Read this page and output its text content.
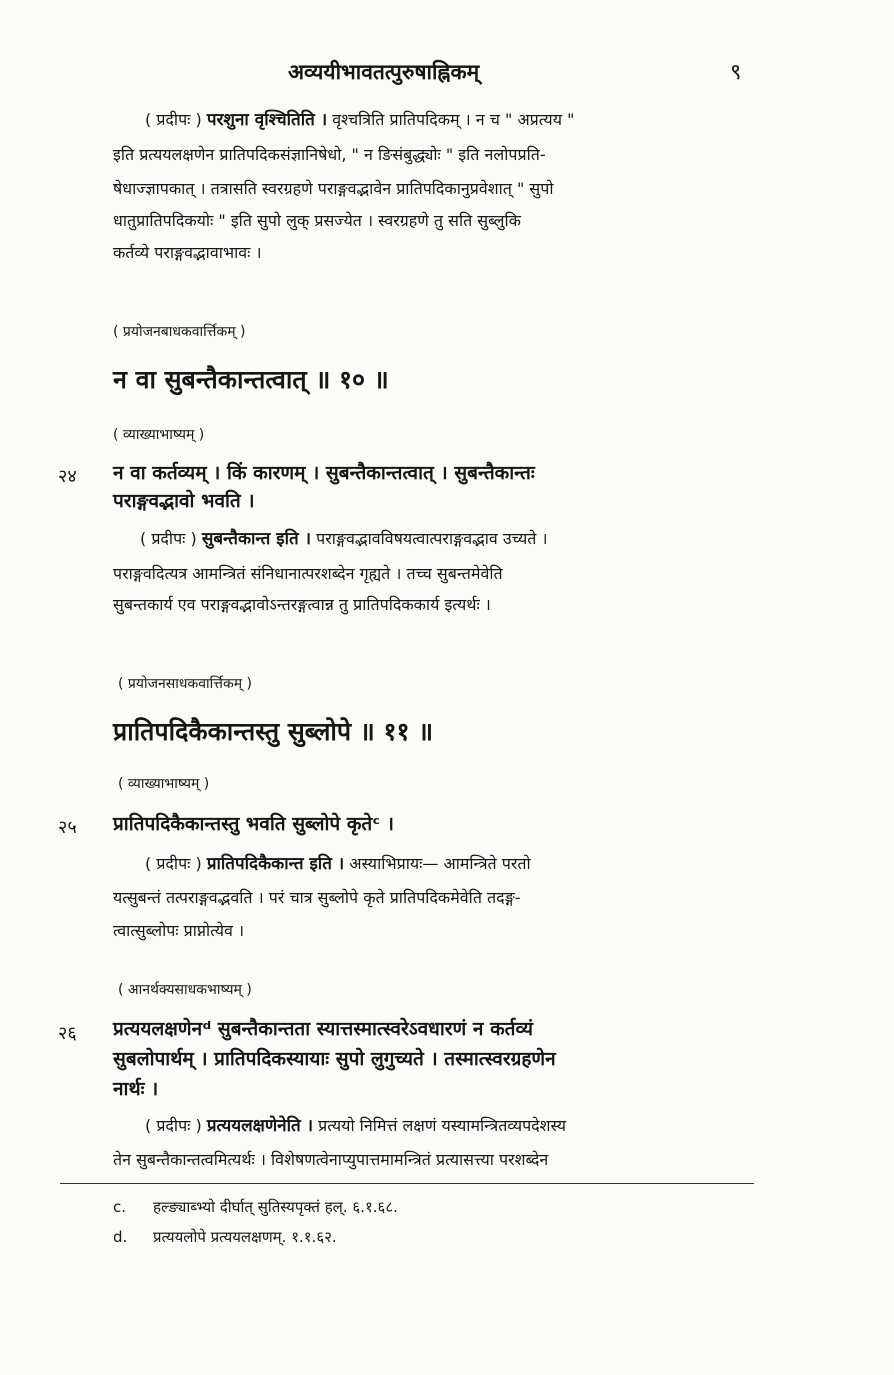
अव्ययीभावतत्पुरुषाह्निकम्	९
( प्रदीपः ) परशुना वृश्चितिति । वृश्चत्रिति प्रातिपदिकम् । न च " अप्रत्यय "
इति प्रत्ययलक्षणेन प्रातिपदिकसंज्ञानिषेधो, " न ङिसंबुद्ध्योः " इति नलोपप्रति-
षेधाज्ज्ञापकात् । तत्रासति स्वरग्रहणे पराङ्गवद्भावेन प्रातिपदिकानुप्रवेशात् " सुपो
धातुप्रातिपदिकयोः " इति सुपो लुक् प्रसज्येत । स्वरग्रहणे तु सति सुब्लुकि
कर्तव्ये पराङ्गवद्भावाभावः ।
( प्रयोजनबाधकवार्त्तिकम् )
न वा सुबन्तैकान्तत्वात् ॥ १० ॥
( व्याख्याभाष्यम् )
२४ न वा कर्तव्यम् । किं कारणम् । सुबन्तैकान्तत्वात् । सुबन्तैकान्तः
पराङ्गवद्भावो भवति ।
( प्रदीपः ) सुबन्तैकान्त इति । पराङ्गवद्भावविषयत्वात्पराङ्गवद्भाव उच्यते ।
पराङ्गवदित्यत्र आमन्त्रितं संनिधानात्परशब्देन गृह्यते । तच्च सुबन्तमेवेति
सुबन्तकार्य एव पराङ्गवद्भावोऽन्तरङ्गत्वान्न तु प्रातिपदिककार्य इत्यर्थः ।
( प्रयोजनसाधकवार्त्तिकम् )
प्रातिपदिकैकान्तस्तु सुब्लोपे ॥ ११ ॥
( व्याख्याभाष्यम् )
२५ प्रातिपदिकैकान्तस्तु भवति सुब्लोपे कृतेᶜ ।
( प्रदीपः ) प्रातिपदिकैकान्त इति । अस्याभिप्रायः— आमन्त्रिते परतो
यत्सुबन्तं तत्पराङ्गवद्भवति । परं चात्र सुब्लोपे कृते प्रातिपदिकमेवेति तदङ्ग-
त्वात्सुब्लोपः प्राप्नोत्येव ।
( आनर्थक्यसाधकभाष्यम् )
२६ प्रत्ययलक्षणेनᵈ सुबन्तैकान्तता स्यात्तस्मात्स्वरेऽवधारणं न कर्तव्यं
सुबलोपार्थम् । प्रातिपदिकस्यायाः सुपो लुगुच्यते । तस्मात्स्वरग्रहणेन
नार्थः ।
( प्रदीपः ) प्रत्ययलक्षणेनेति । प्रत्ययो निमित्तं लक्षणं यस्यामन्त्रितव्यपदेशस्य
तेन सुबन्तैकान्तत्वमित्यर्थः । विशेषणत्वेनाप्युपात्तमामन्त्रितं प्रत्यासत्त्या परशब्देन
c. हल्ङ्याब्भ्यो दीर्घात् सुतिस्यपृक्तं हल्. ६.१.६८.
d. प्रत्ययलोपे प्रत्ययलक्षणम्. १.१.६२.
